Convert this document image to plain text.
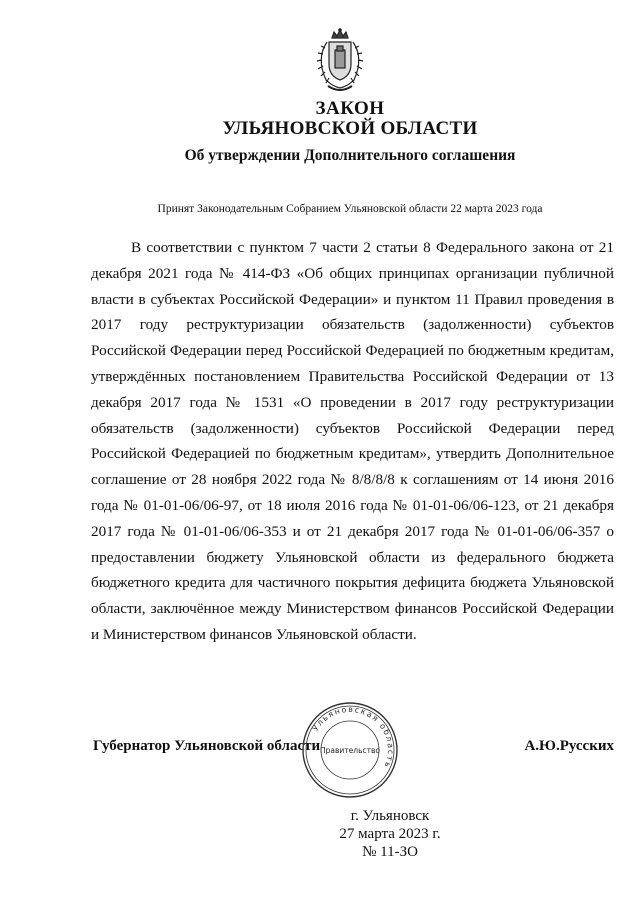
ЗАКОН
УЛЬЯНОВСКОЙ ОБЛАСТИ
Об утверждении Дополнительного соглашения
Принят Законодательным Собранием Ульяновской области 22 марта 2023 года
В соответствии с пунктом 7 части 2 статьи 8 Федерального закона от 21 декабря 2021 года № 414-ФЗ «Об общих принципах организации публичной власти в субъектах Российской Федерации» и пунктом 11 Правил проведения в 2017 году реструктуризации обязательств (задолженности) субъектов Российской Федерации перед Российской Федерацией по бюджетным кредитам, утверждённых постановлением Правительства Российской Федерации от 13 декабря 2017 года № 1531 «О проведении в 2017 году реструктуризации обязательств (задолженности) субъектов Российской Федерации перед Российской Федерацией по бюджетным кредитам», утвердить Дополнительное соглашение от 28 ноября 2022 года № 8/8/8/8 к соглашениям от 14 июня 2016 года № 01-01-06/06-97, от 18 июля 2016 года № 01-01-06/06-123, от 21 декабря 2017 года № 01-01-06/06-353 и от 21 декабря 2017 года № 01-01-06/06-357 о предоставлении бюджету Ульяновской области из федерального бюджета бюджетного кредита для частичного покрытия дефицита бюджета Ульяновской области, заключённое между Министерством финансов Российской Федерации и Министерством финансов Ульяновской области.
Губернатор Ульяновской области	А.Ю.Русских
Ульяновская область
Правительство
г. Ульяновск
27 марта 2023 г.
№ 11-ЗО
